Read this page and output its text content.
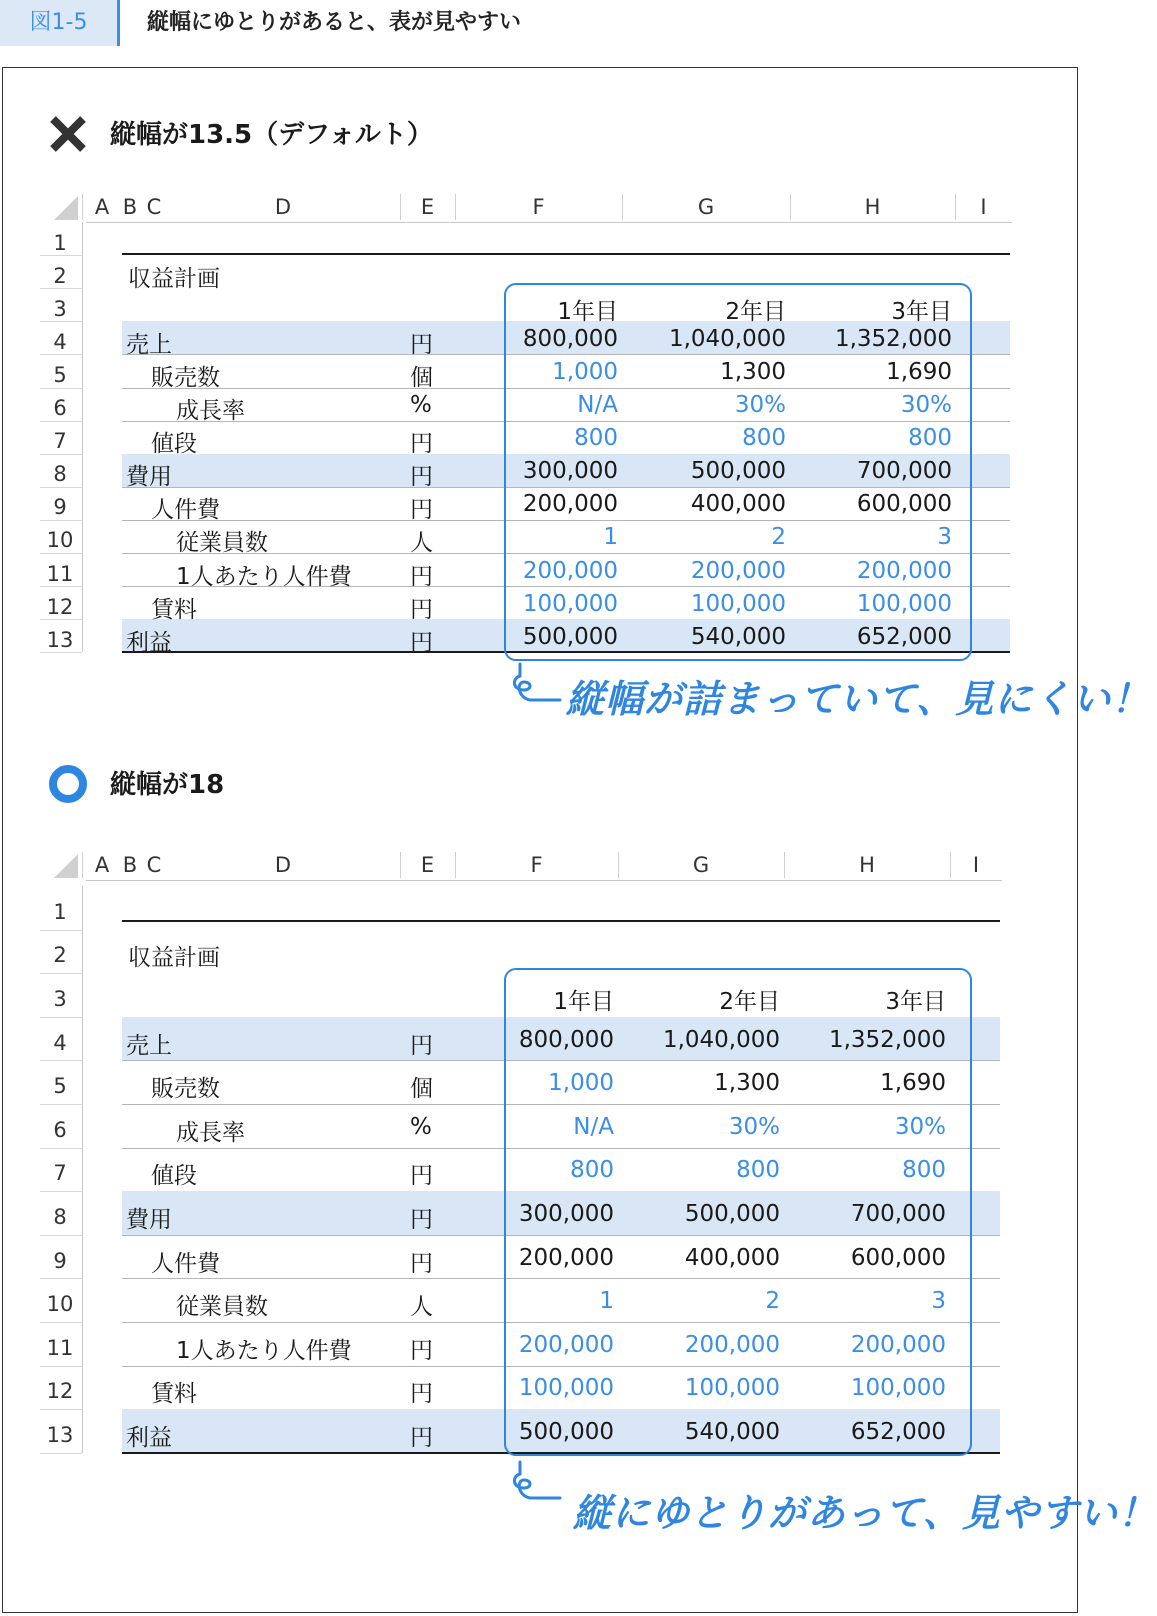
図1-5	縦幅にゆとりがあると、表が見やすい
縦幅が13.5（デフォルト）
A B C	D	E	F	G	H	I
1
2
3
4
5
6
7
8
9
10
11
12
13
収益計画
1年目	2年目	3年目
売上	円	800,000	1,040,000	1,352,000
販売数	個	1,000	1,300	1,690
成長率	%	N/A	30%	30%
値段	円	800	800	800
費用	円	300,000	500,000	700,000
人件費	円	200,000	400,000	600,000
従業員数	人	1	2	3
1人あたり人件費	円	200,000	200,000	200,000
賃料	円	100,000	100,000	100,000
利益	円	500,000	540,000	652,000
縦幅が詰まっていて、見にくい！
縦幅が18
A B C	D	E	F	G	H	I
1
2
3
4
5
6
7
8
9
10
11
12
13
収益計画
1年目	2年目	3年目
売上	円	800,000	1,040,000	1,352,000
販売数	個	1,000	1,300	1,690
成長率	%	N/A	30%	30%
値段	円	800	800	800
費用	円	300,000	500,000	700,000
人件費	円	200,000	400,000	600,000
従業員数	人	1	2	3
1人あたり人件費	円	200,000	200,000	200,000
賃料	円	100,000	100,000	100,000
利益	円	500,000	540,000	652,000
縦にゆとりがあって、見やすい！
